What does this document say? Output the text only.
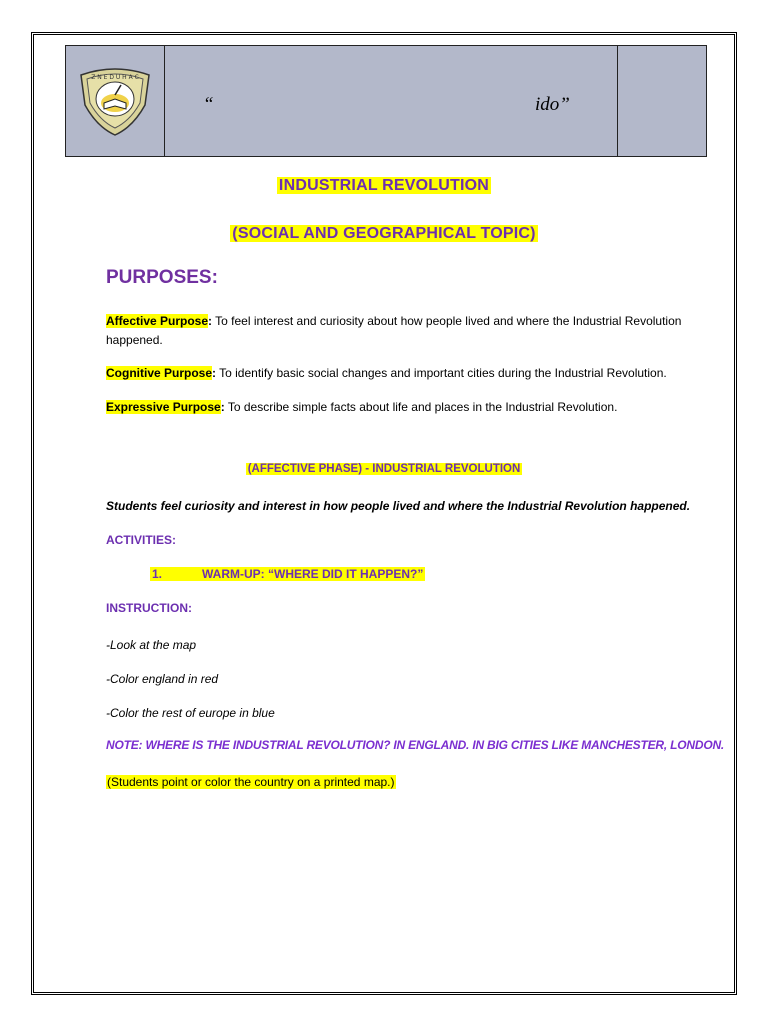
Z N E D U H A C
“	ido”
INDUSTRIAL REVOLUTION
(SOCIAL AND GEOGRAPHICAL TOPIC)
PURPOSES:
Affective Purpose: To feel interest and curiosity about how people lived and where the Industrial Revolution happened.
Cognitive Purpose: To identify basic social changes and important cities during the Industrial Revolution.
Expressive Purpose: To describe simple facts about life and places in the Industrial Revolution.
(AFFECTIVE PHASE) - INDUSTRIAL REVOLUTION
Students feel curiosity and interest in how people lived and where the Industrial Revolution happened.
ACTIVITIES:
1.	WARM-UP: “WHERE DID IT HAPPEN?”
INSTRUCTION:
-Look at the map
-Color england in red
-Color the rest of europe in blue
NOTE: WHERE IS THE INDUSTRIAL REVOLUTION? IN ENGLAND. IN BIG CITIES LIKE MANCHESTER, LONDON.
(Students point or color the country on a printed map.)
